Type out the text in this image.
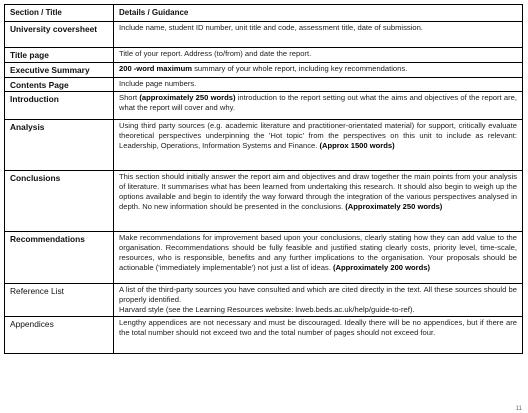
Section / Title	Details / Guidance
University coversheet	Include name, student ID number, unit title and code, assessment title, date of submission.
Title page	Title of your report. Address (to/from) and date the report.
Executive Summary	200 -word maximum summary of your whole report, including key recommendations.
Contents Page	Include page numbers.
Introduction	Short (approximately 250 words) introduction to the report setting out what the aims and objectives of the report are, what the report will cover and why.
Analysis	Using third party sources (e.g. academic literature and practitioner-orientated material) for support, critically evaluate theoretical perspectives underpinning the 'Hot topic' from the perspectives on this unit to include as relevant: Leadership, Operations, Information Systems and Finance. (Approx 1500 words)
Conclusions	This section should initially answer the report aim and objectives and draw together the main points from your analysis of literature. It summarises what has been learned from undertaking this research. It should also begin to weigh up the options available and begin to identify the way forward through the integration of the various perspectives analysed in depth. No new information should be presented in the conclusions. (Approximately 250 words)
Recommendations	Make recommendations for improvement based upon your conclusions, clearly stating how they can add value to the organisation. Recommendations should be fully feasible and justified stating clearly costs, priority level, time-scale, resources, who is responsible, benefits and any further implications to the organisation. Your proposals should be actionable ('immediately implementable') not just a list of ideas. (Approximately 200 words)
Reference List	A list of the third-party sources you have consulted and which are cited directly in the text. All these sources should be properly identified.
Harvard style (see the Learning Resources website: lrweb.beds.ac.uk/help/guide-to-ref).
Appendices	Lengthy appendices are not necessary and must be discouraged. Ideally there will be no appendices, but if there are the total number should not exceed two and the total number of pages should not exceed four.
11
